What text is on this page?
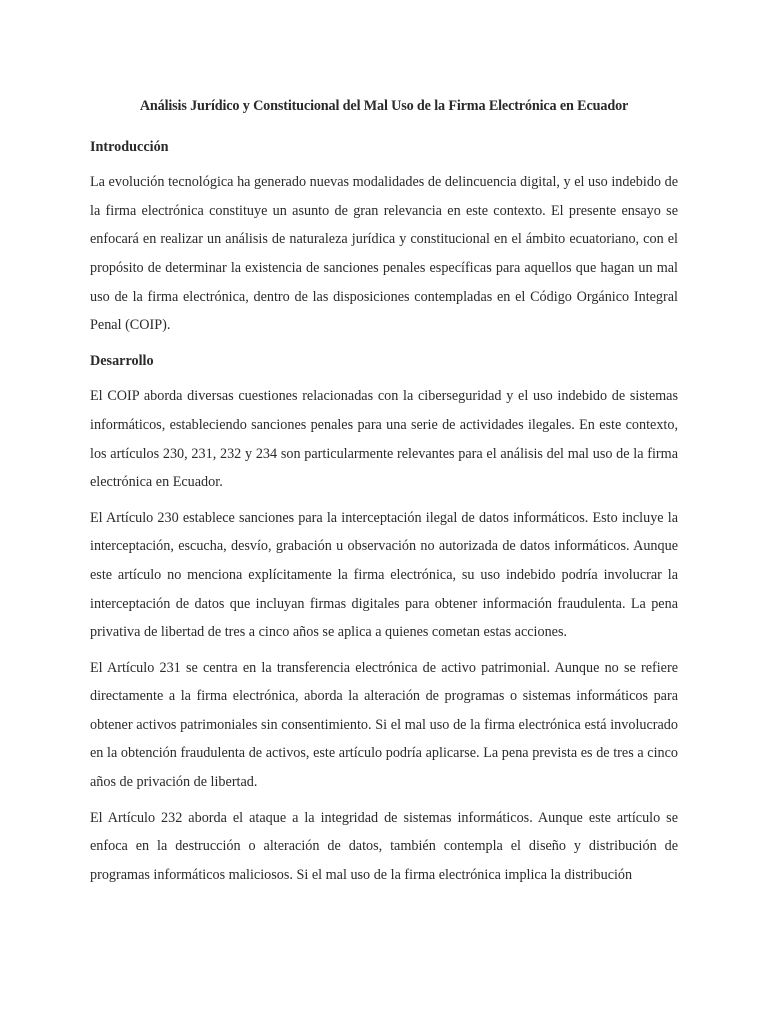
Análisis Jurídico y Constitucional del Mal Uso de la Firma Electrónica en Ecuador
Introducción
La evolución tecnológica ha generado nuevas modalidades de delincuencia digital, y el uso indebido de la firma electrónica constituye un asunto de gran relevancia en este contexto. El presente ensayo se enfocará en realizar un análisis de naturaleza jurídica y constitucional en el ámbito ecuatoriano, con el propósito de determinar la existencia de sanciones penales específicas para aquellos que hagan un mal uso de la firma electrónica, dentro de las disposiciones contempladas en el Código Orgánico Integral Penal (COIP).
Desarrollo
El COIP aborda diversas cuestiones relacionadas con la ciberseguridad y el uso indebido de sistemas informáticos, estableciendo sanciones penales para una serie de actividades ilegales. En este contexto, los artículos 230, 231, 232 y 234 son particularmente relevantes para el análisis del mal uso de la firma electrónica en Ecuador.
El Artículo 230 establece sanciones para la interceptación ilegal de datos informáticos. Esto incluye la interceptación, escucha, desvío, grabación u observación no autorizada de datos informáticos. Aunque este artículo no menciona explícitamente la firma electrónica, su uso indebido podría involucrar la interceptación de datos que incluyan firmas digitales para obtener información fraudulenta. La pena privativa de libertad de tres a cinco años se aplica a quienes cometan estas acciones.
El Artículo 231 se centra en la transferencia electrónica de activo patrimonial. Aunque no se refiere directamente a la firma electrónica, aborda la alteración de programas o sistemas informáticos para obtener activos patrimoniales sin consentimiento. Si el mal uso de la firma electrónica está involucrado en la obtención fraudulenta de activos, este artículo podría aplicarse. La pena prevista es de tres a cinco años de privación de libertad.
El Artículo 232 aborda el ataque a la integridad de sistemas informáticos. Aunque este artículo se enfoca en la destrucción o alteración de datos, también contempla el diseño y distribución de programas informáticos maliciosos. Si el mal uso de la firma electrónica implica la distribución
